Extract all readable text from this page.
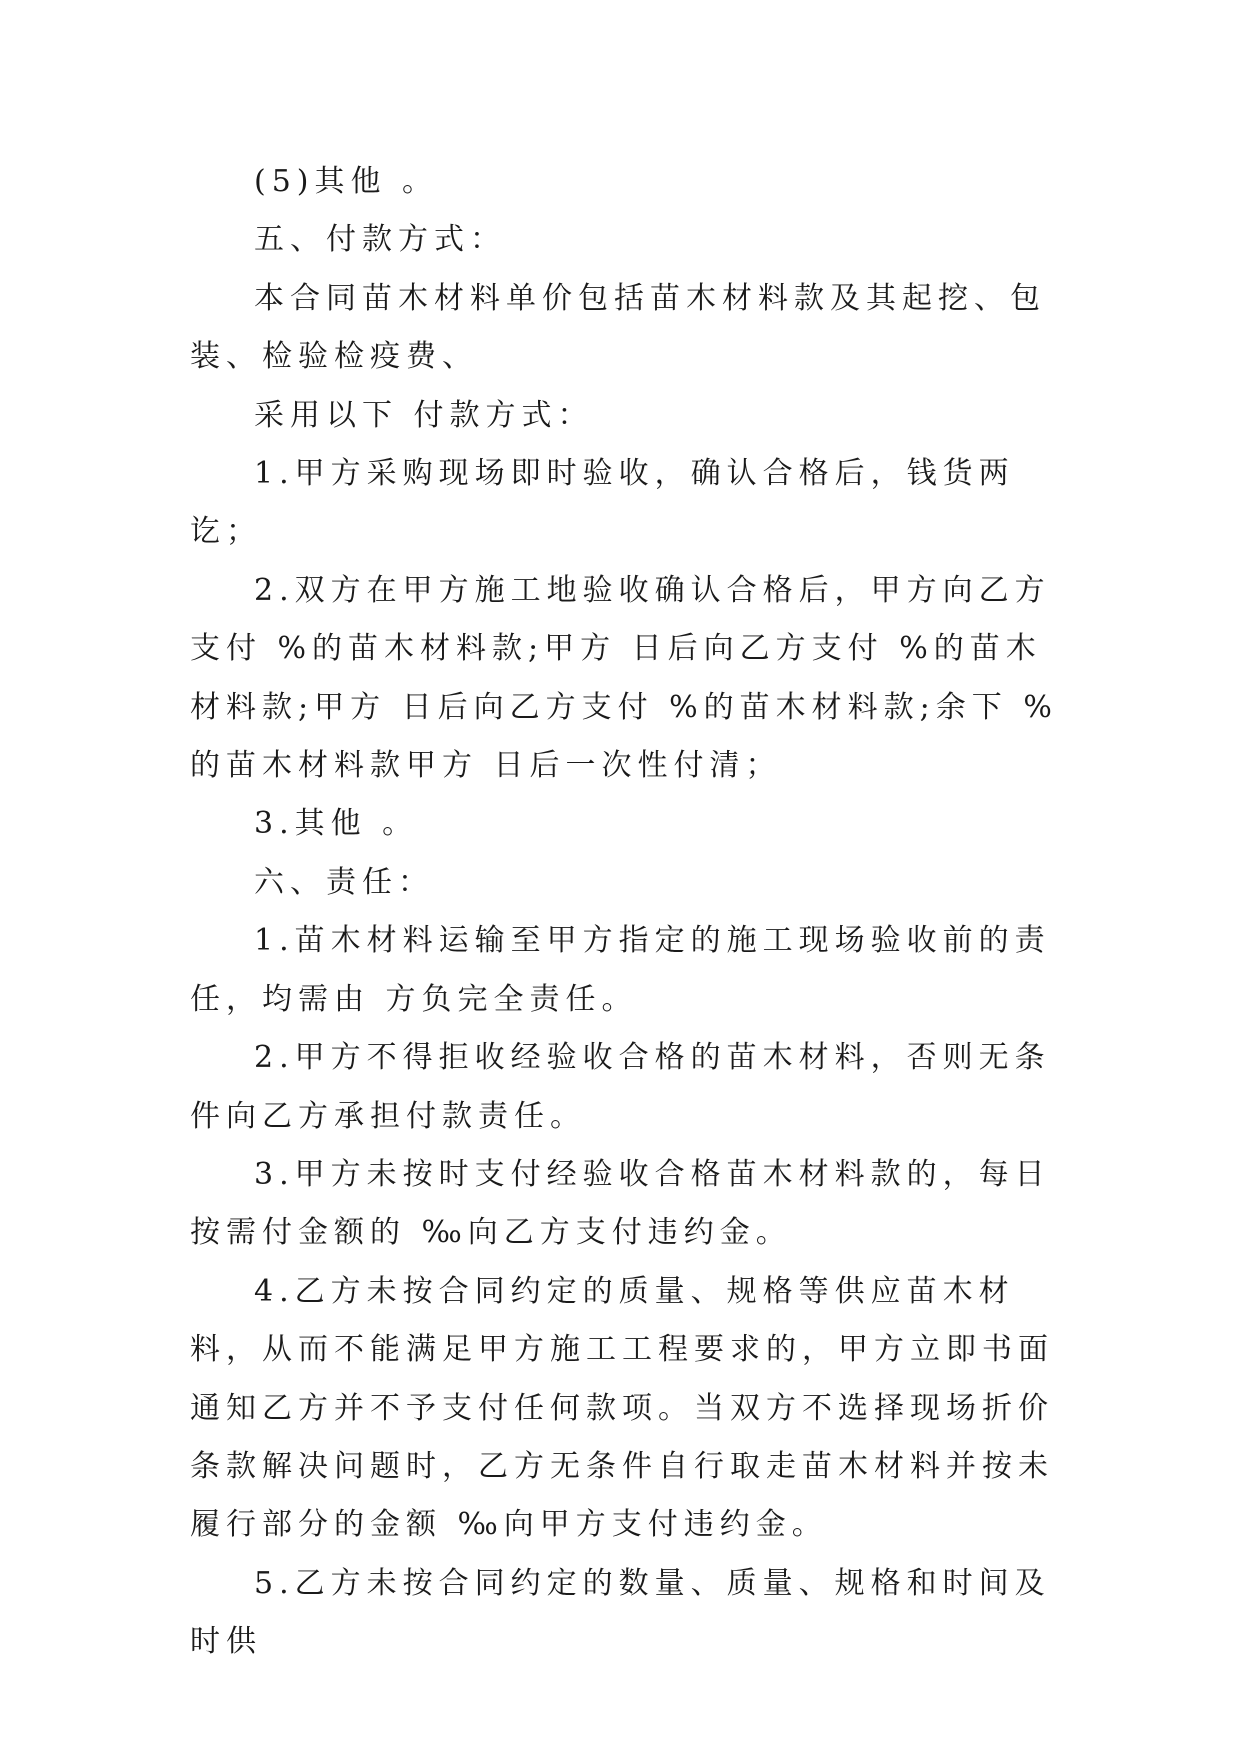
(5)其他 。

五、付款方式：

本合同苗木材料单价包括苗木材料款及其起挖、包装、检验检疫费、

采用以下 付款方式：

1.甲方采购现场即时验收，确认合格后，钱货两讫；

2.双方在甲方施工地验收确认合格后，甲方向乙方支付 %的苗木材料款;甲方 日后向乙方支付 %的苗木材料款;甲方 日后向乙方支付 %的苗木材料款;余下 %的苗木材料款甲方 日后一次性付清；

3.其他 。

六、责任：

1.苗木材料运输至甲方指定的施工现场验收前的责任，均需由 方负完全责任。

2.甲方不得拒收经验收合格的苗木材料，否则无条件向乙方承担付款责任。

3.甲方未按时支付经验收合格苗木材料款的，每日按需付金额的 ‰向乙方支付违约金。

4.乙方未按合同约定的质量、规格等供应苗木材料，从而不能满足甲方施工工程要求的，甲方立即书面通知乙方并不予支付任何款项。当双方不选择现场折价条款解决问题时，乙方无条件自行取走苗木材料并按未履行部分的金额 ‰向甲方支付违约金。

5.乙方未按合同约定的数量、质量、规格和时间及时供
